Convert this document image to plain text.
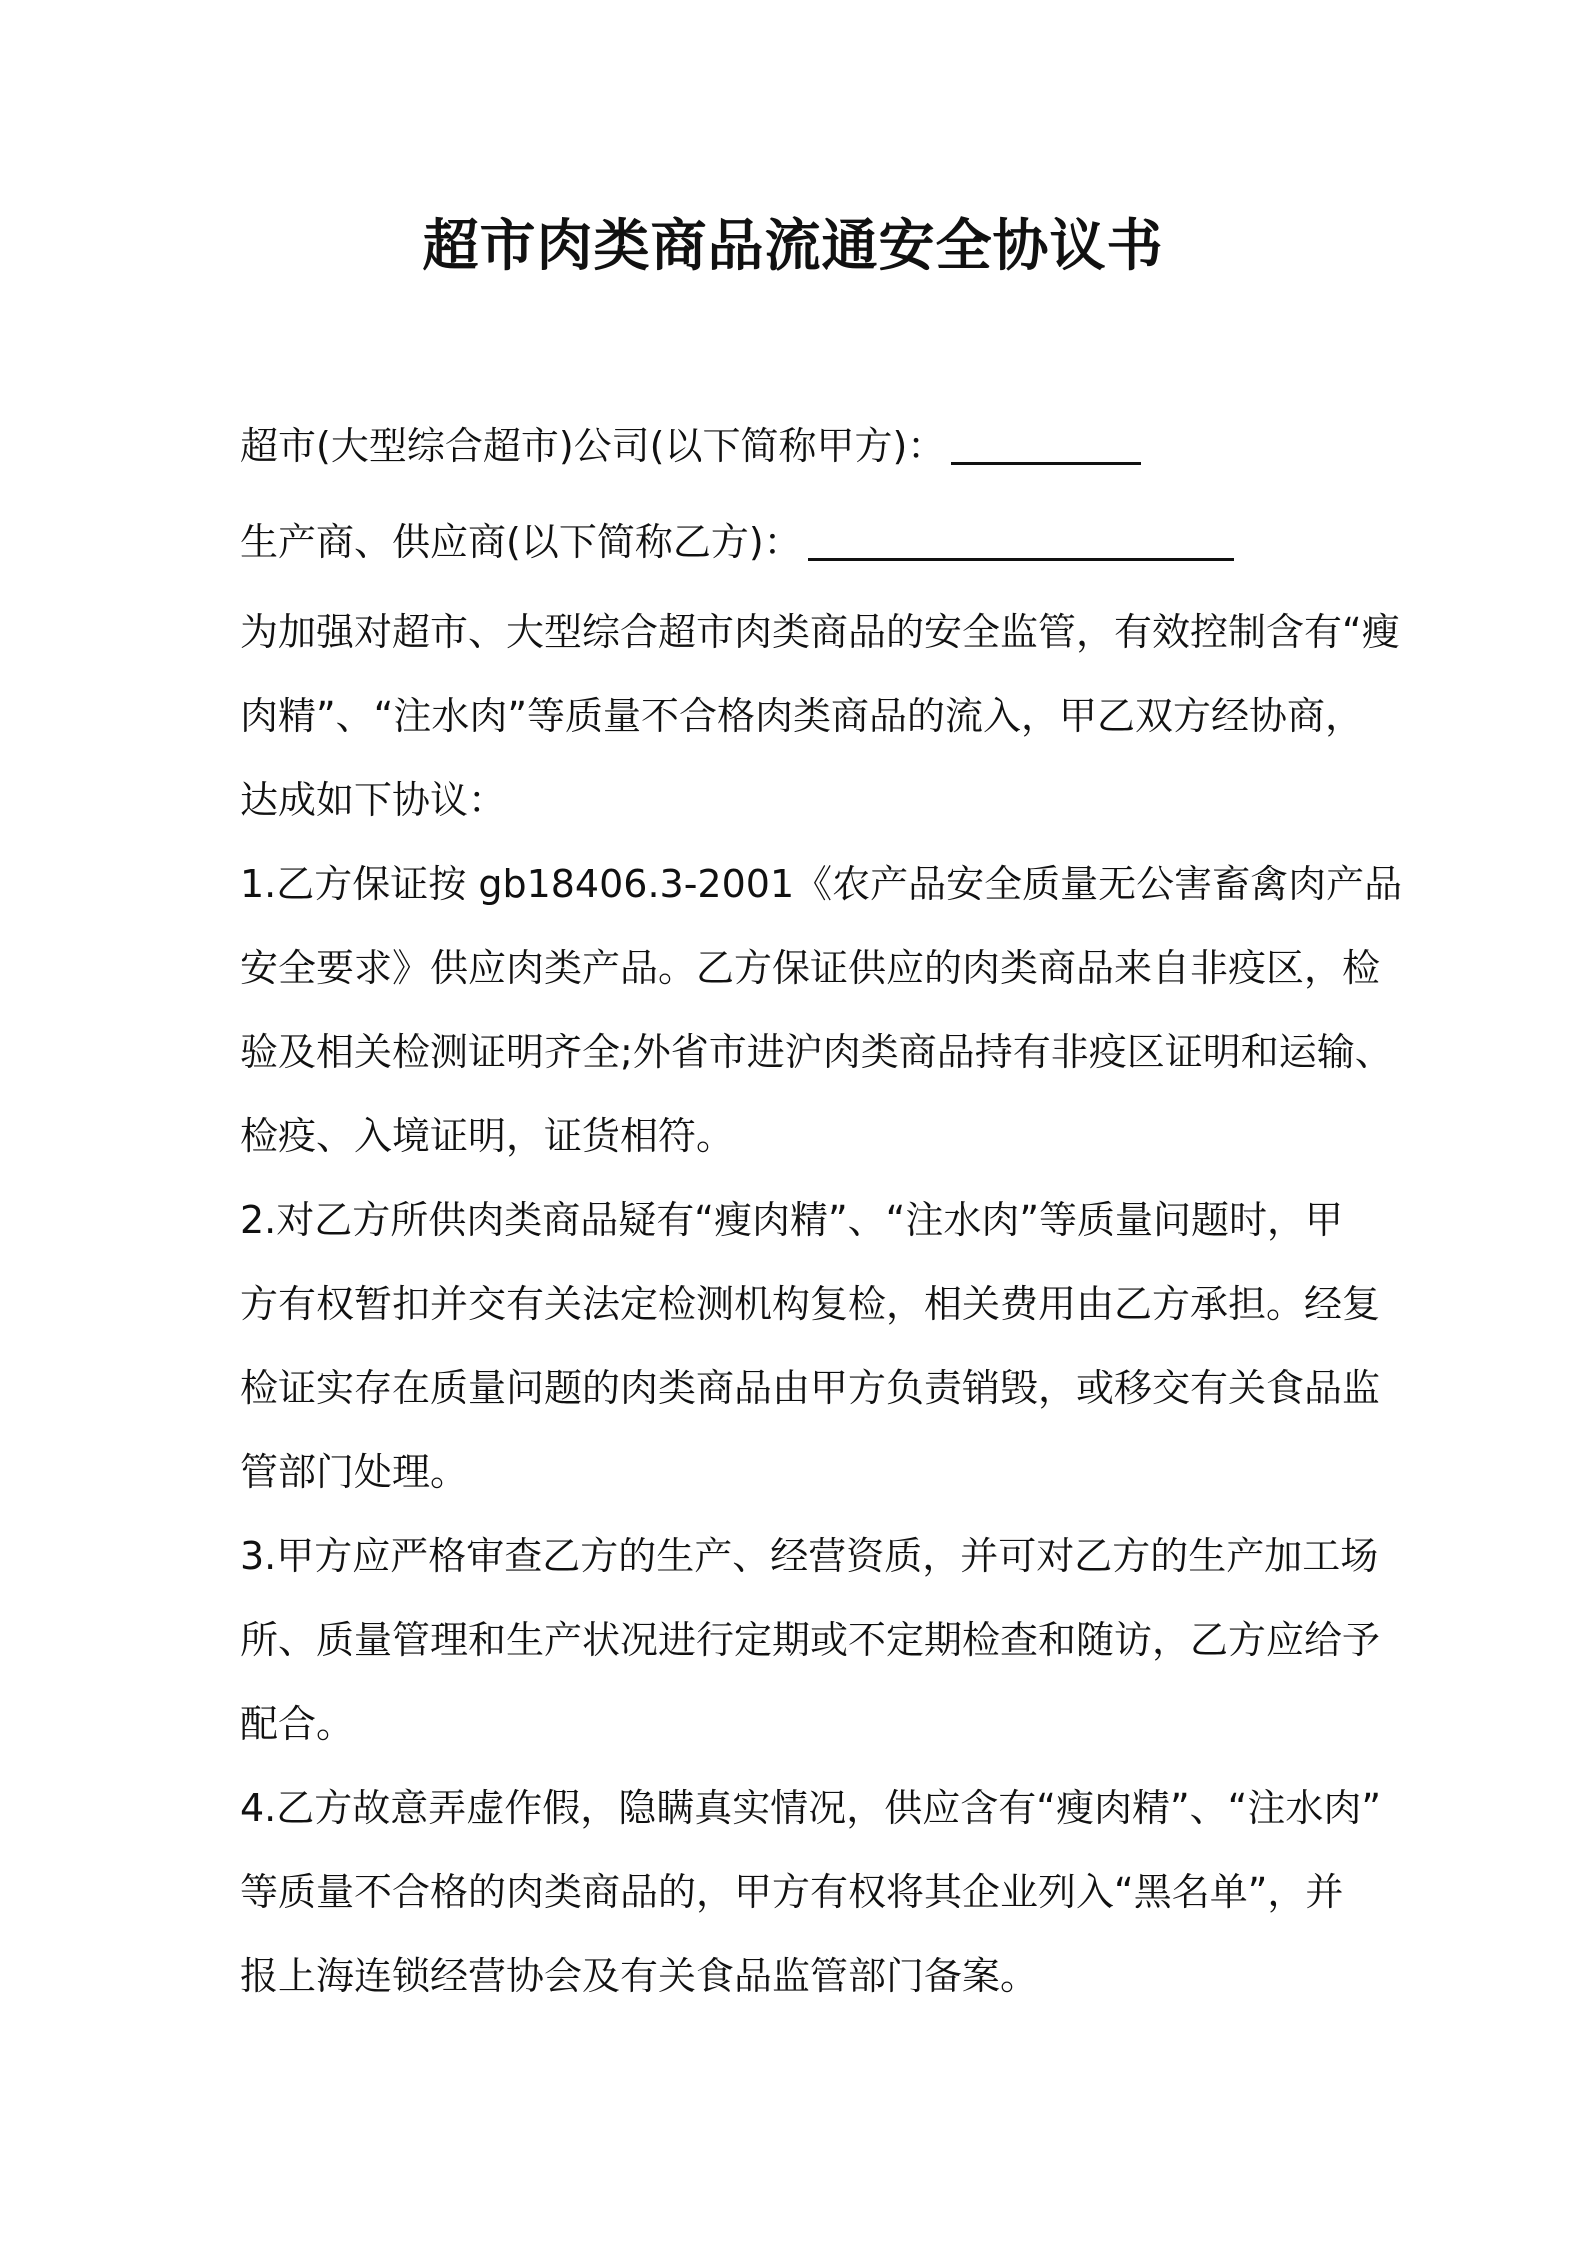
超市肉类商品流通安全协议书
超市(大型综合超市)公司(以下简称甲方)：
生产商、供应商(以下简称乙方)：

为加强对超市、大型综合超市肉类商品的安全监管，有效控制含有“瘦

肉精”、“注水肉”等质量不合格肉类商品的流入，甲乙双方经协商，

达成如下协议：

1.乙方保证按 gb18406.3-2001《农产品安全质量无公害畜禽肉产品

安全要求》供应肉类产品。乙方保证供应的肉类商品来自非疫区，检

验及相关检测证明齐全;外省市进沪肉类商品持有非疫区证明和运输、

检疫、入境证明，证货相符。

2.对乙方所供肉类商品疑有“瘦肉精”、“注水肉”等质量问题时，甲

方有权暂扣并交有关法定检测机构复检，相关费用由乙方承担。经复

检证实存在质量问题的肉类商品由甲方负责销毁，或移交有关食品监

管部门处理。

3.甲方应严格审查乙方的生产、经营资质，并可对乙方的生产加工场

所、质量管理和生产状况进行定期或不定期检查和随访，乙方应给予

配合。

4.乙方故意弄虚作假，隐瞒真实情况，供应含有“瘦肉精”、“注水肉”

等质量不合格的肉类商品的，甲方有权将其企业列入“黑名单”，并

报上海连锁经营协会及有关食品监管部门备案。
